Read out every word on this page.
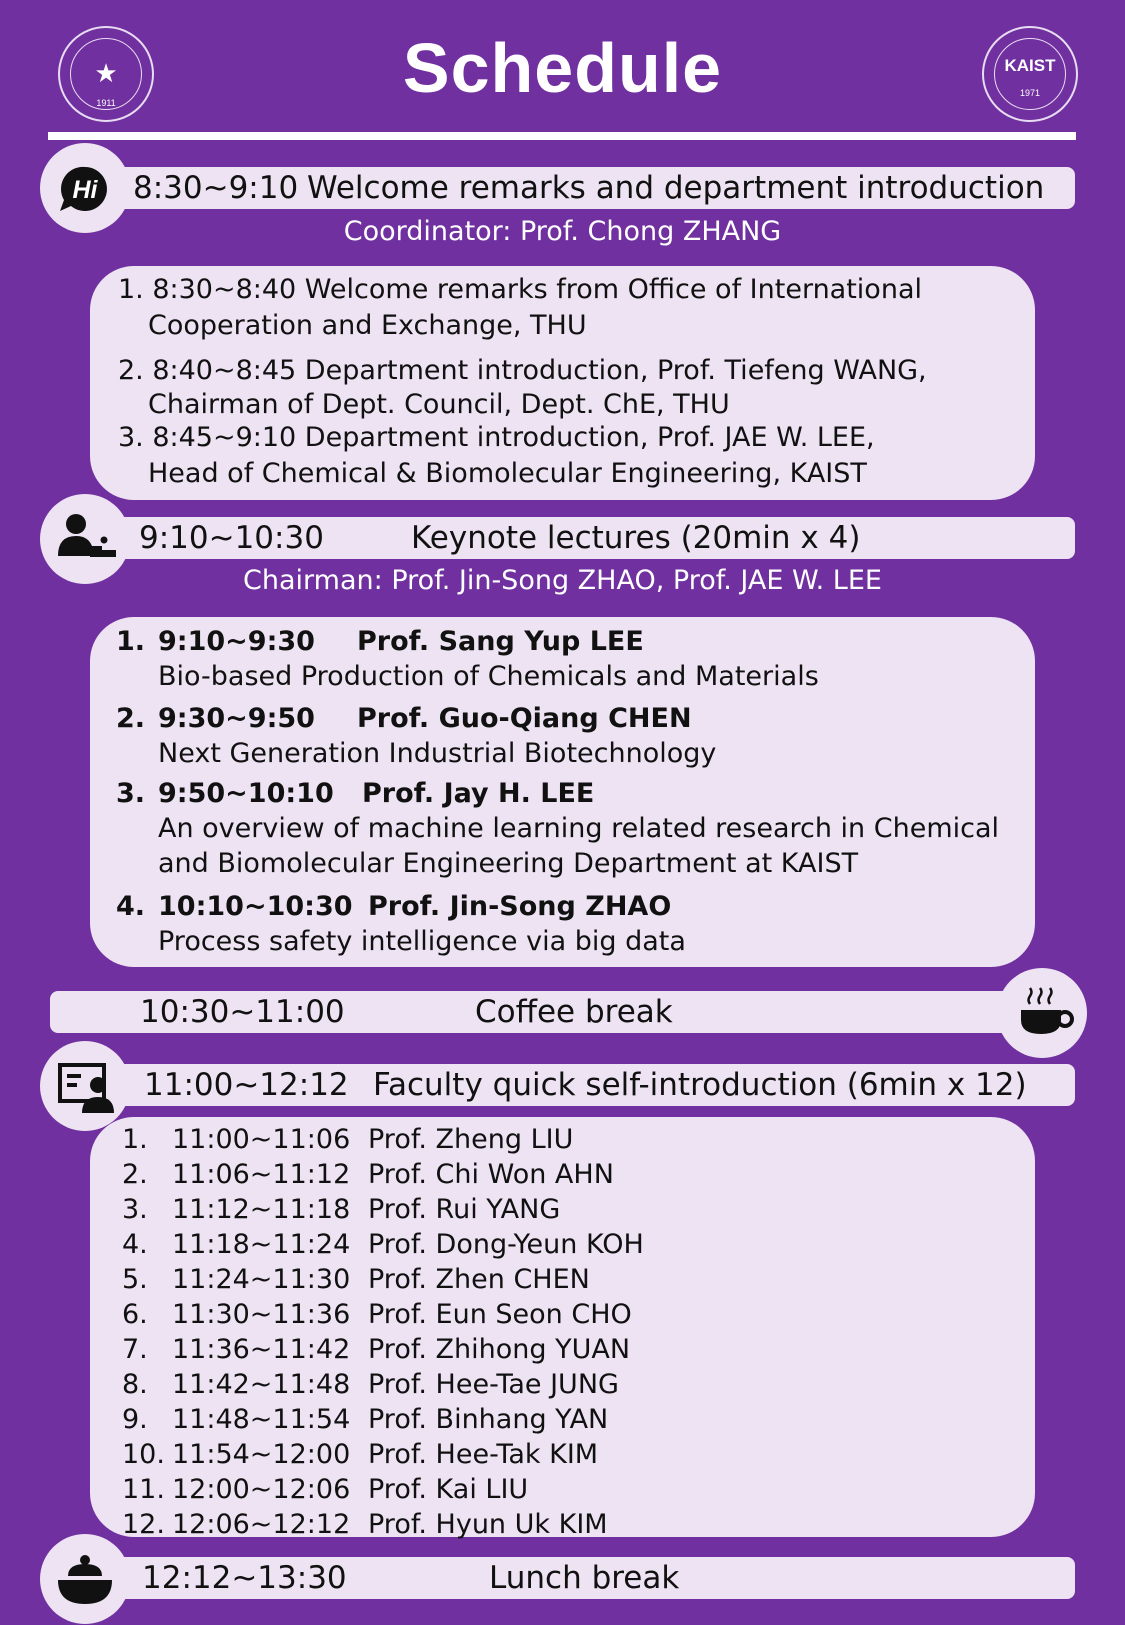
★
1911	Schedule	KAIST
1971
8:30~9:10 Welcome remarks and department introduction
Hi
Coordinator: Prof. Chong ZHANG
1. 8:30~8:40 Welcome remarks from Office of International
Cooperation and Exchange, THU
2. 8:40~8:45 Department introduction, Prof. Tiefeng WANG,
Chairman of Dept. Council, Dept. ChE, THU
3. 8:45~9:10 Department introduction, Prof. JAE W. LEE,
Head of Chemical & Biomolecular Engineering, KAIST
9:10~10:30	Keynote lectures (20min x 4)
Chairman: Prof. Jin-Song ZHAO, Prof. JAE W. LEE
1. 9:10~9:30 Prof. Sang Yup LEE
Bio-based Production of Chemicals and Materials
2. 9:30~9:50 Prof. Guo-Qiang CHEN
Next Generation Industrial Biotechnology
3. 9:50~10:10 Prof. Jay H. LEE
An overview of machine learning related research in Chemical
and Biomolecular Engineering Department at KAIST
4. 10:10~10:30 Prof. Jin-Song ZHAO
Process safety intelligence via big data
10:30~11:00	Coffee break
11:00~12:12 Faculty quick self-introduction (6min x 12)
1. 11:00~11:06 Prof. Zheng LIU
2. 11:06~11:12 Prof. Chi Won AHN
3. 11:12~11:18 Prof. Rui YANG
4. 11:18~11:24 Prof. Dong-Yeun KOH
5. 11:24~11:30 Prof. Zhen CHEN
6. 11:30~11:36 Prof. Eun Seon CHO
7. 11:36~11:42 Prof. Zhihong YUAN
8. 11:42~11:48 Prof. Hee-Tae JUNG
9. 11:48~11:54 Prof. Binhang YAN
10. 11:54~12:00 Prof. Hee-Tak KIM
11. 12:00~12:06 Prof. Kai LIU
12. 12:06~12:12 Prof. Hyun Uk KIM
12:12~13:30	Lunch break
